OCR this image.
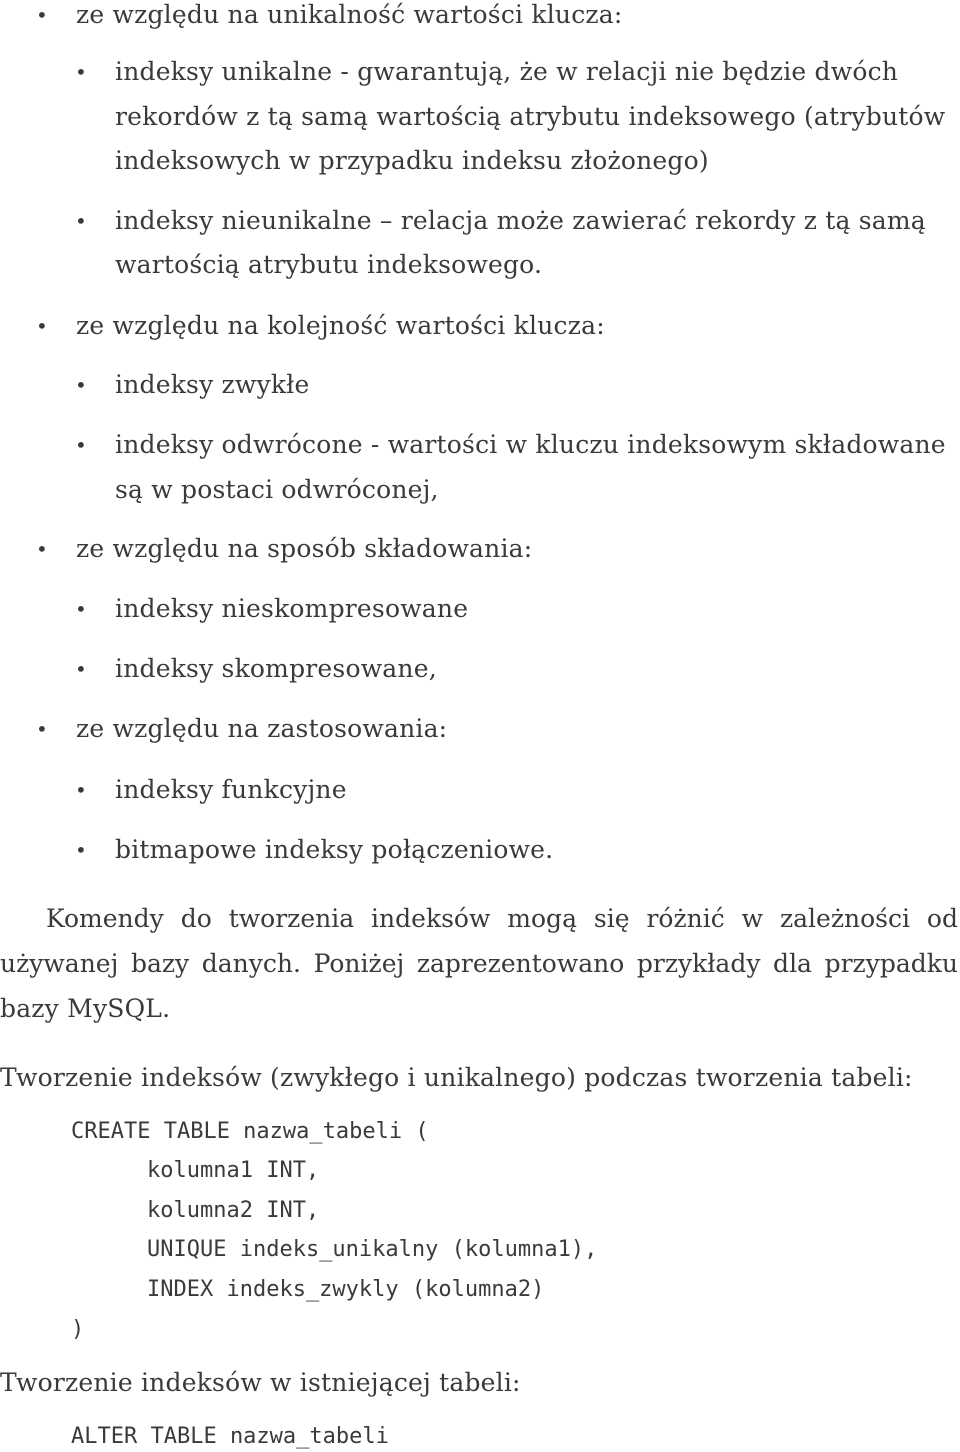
• ze względu na unikalność wartości klucza:
• indeksy unikalne - gwarantują, że w relacji nie będzie dwóch
rekordów z tą samą wartością atrybutu indeksowego (atrybutów
indeksowych w przypadku indeksu złożonego)
• indeksy nieunikalne – relacja może zawierać rekordy z tą samą
wartością atrybutu indeksowego.
• ze względu na kolejność wartości klucza:
• indeksy zwykłe
• indeksy odwrócone - wartości w kluczu indeksowym składowane
są w postaci odwróconej,
• ze względu na sposób składowania:
• indeksy nieskompresowane
• indeksy skompresowane,
• ze względu na zastosowania:
• indeksy funkcyjne
• bitmapowe indeksy połączeniowe.
Komendy do tworzenia indeksów mogą się różnić w zależności od
używanej bazy danych. Poniżej zaprezentowano przykłady dla przypadku
bazy MySQL.
Tworzenie indeksów (zwykłego i unikalnego) podczas tworzenia tabeli:
CREATE TABLE nazwa_tabeli (
kolumna1 INT,
kolumna2 INT,
UNIQUE indeks_unikalny (kolumna1),
INDEX indeks_zwykly (kolumna2)
)
Tworzenie indeksów w istniejącej tabeli:
ALTER TABLE nazwa_tabeli
